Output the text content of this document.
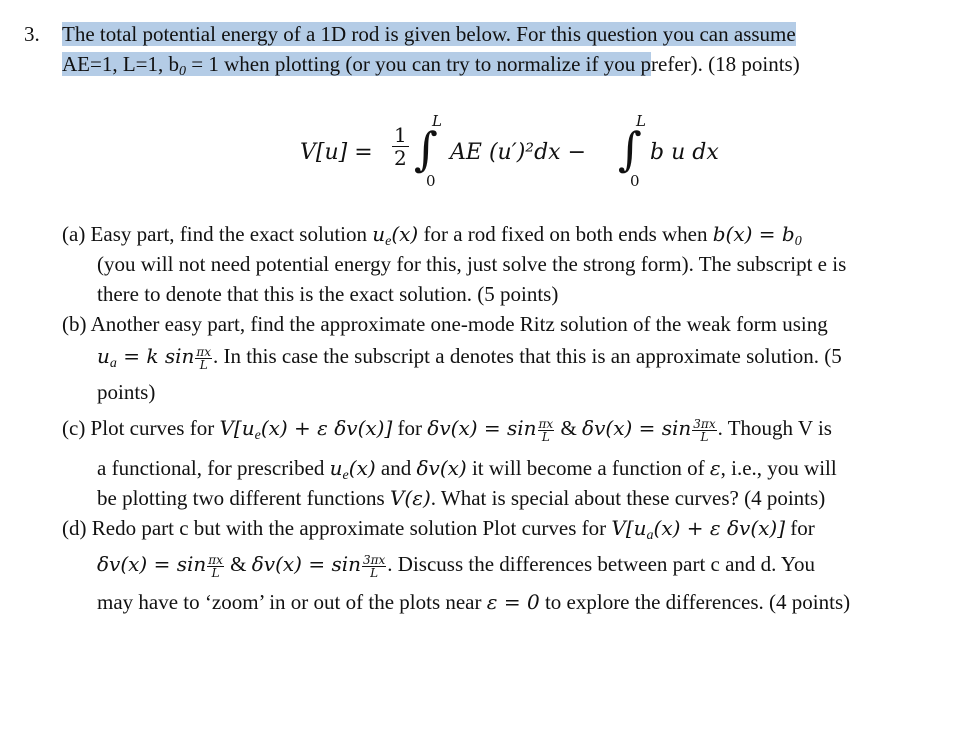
3. The total potential energy of a 1D rod is given below. For this question you can assume
AE=1, L=1, $b_0 = 1$ when plotting (or you can try to normalize if you prefer). (18 points)
V[u] =
1
2 ∫
L
0
AE (u′)²dx − ∫
L
0
b u dx
(a) Easy part, find the exact solution $u_e(x)$ for a rod fixed on both ends when $b(x) = b_0$
(you will not need potential energy for this, just solve the strong form). The subscript e is
there to denote that this is the exact solution. (5 points)
(b) Another easy part, find the approximate one-mode Ritz solution of the weak form using
$u_a = k$ $\sin \frac{\pi x}{L}$ . In this case the subscript a denotes that this is an approximate solution. (5
points)
(c) Plot curves for $V[u_e(x) + \varepsilon$ δv(x)] for $\delta v(x) = \sin \frac{\pi x}{L}$ & $\delta v(x) = \sin \frac{3\pi x}{L}$ . Though V is
a functional, for prescribed $u_e(x)$ and δv(x) it will become a function of ε, i.e., you will
be plotting two different functions V(ε). What is special about these curves? (4 points)
(d) Redo part c but with the approximate solution Plot curves for $V[u_a(x) + \varepsilon$ δv(x)] for
$\delta v(x) = \sin \frac{\pi x}{L}$ & $\delta v(x) = \sin \frac{3\pi x}{L}$ . Discuss the differences between part c and d. You
may have to ‘zoom’ in or out of the plots near ε = 0 to explore the differences. (4 points)
